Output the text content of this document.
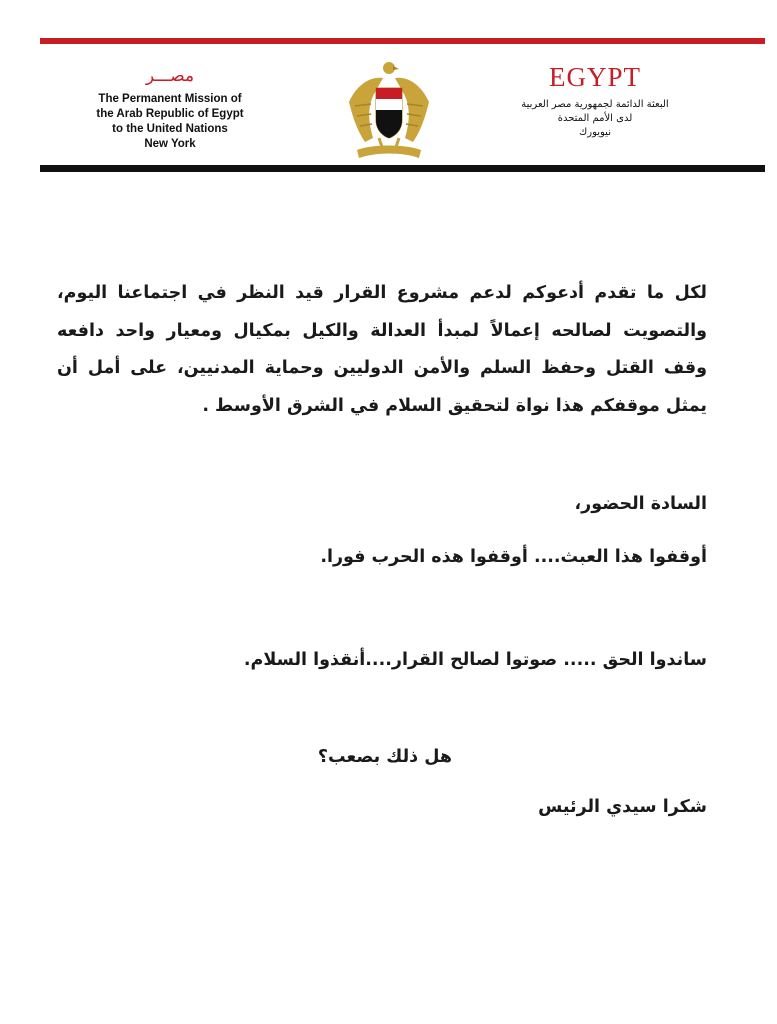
مصـــر
The Permanent Mission of
the Arab Republic of Egypt
to the United Nations
New York
EGYPT
البعثة الدائمة لجمهورية مصر العربية
لدى الأمم المتحدة
نيويورك
لكل ما تقدم أدعوكم لدعم مشروع القرار قيد النظر في اجتماعنا اليوم، والتصويت لصالحه إعمالاً لمبدأ العدالة والكيل بمكيال ومعيار واحد دافعه وقف القتل وحفظ السلم والأمن الدوليين وحماية المدنيين، على أمل أن يمثل موقفكم هذا نواة لتحقيق السلام في الشرق الأوسط .
السادة الحضور،
أوقفوا هذا العبث.... أوقفوا هذه الحرب فورا.
ساندوا الحق ..... صوتوا لصالح القرار....أنقذوا السلام.
هل ذلك بصعب؟
شكرا سيدي الرئيس
